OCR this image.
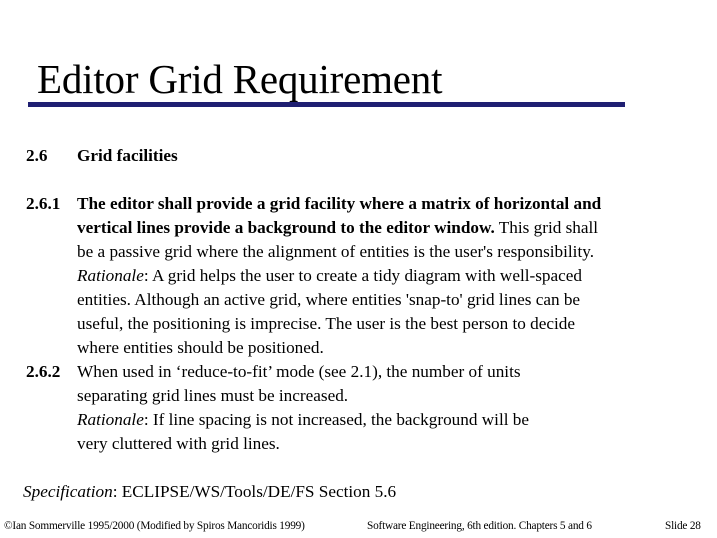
Editor Grid Requirement
2.6 Grid facilities
2.6.1 The editor shall provide a grid facility where a matrix of horizontal and
vertical lines provide a background to the editor window. This grid shall
be a passive grid where the alignment of entities is the user's responsibility.
Rationale: A grid helps the user to create a tidy diagram with well-spaced
entities. Although an active grid, where entities 'snap-to' grid lines can be
useful, the positioning is imprecise. The user is the best person to decide
where entities should be positioned.
2.6.2 When used in ‘reduce-to-fit’ mode (see 2.1), the number of units
separating grid lines must be increased.
Rationale: If line spacing is not increased, the background will be
very cluttered with grid lines.
Specification: ECLIPSE/WS/Tools/DE/FS Section 5.6
©Ian Sommerville 1995/2000 (Modified by Spiros Mancoridis 1999)	Software Engineering, 6th edition. Chapters 5 and 6	Slide 28
